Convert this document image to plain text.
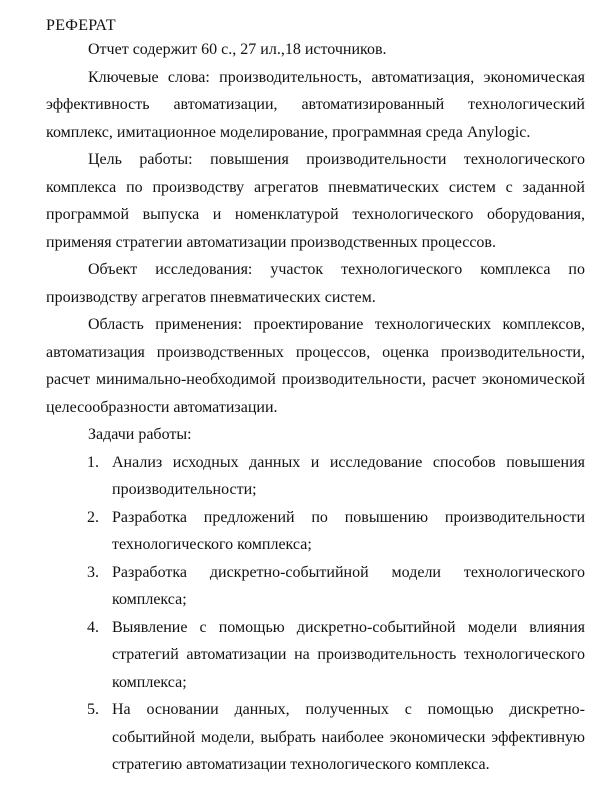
РЕФЕРАТ

Отчет содержит 60 с., 27 ил.,18 источников.

Ключевые слова: производительность, автоматизация, экономическая эффективность автоматизации, автоматизированный технологический комплекс, имитационное моделирование, программная среда Anylogic.

Цель работы: повышения производительности технологического комплекса по производству агрегатов пневматических систем с заданной программой выпуска и номенклатурой технологического оборудования, применяя стратегии автоматизации производственных процессов.

Объект исследования: участок технологического комплекса по производству агрегатов пневматических систем.

Область применения: проектирование технологических комплексов, автоматизация производственных процессов, оценка производительности, расчет минимально-необходимой производительности, расчет экономической целесообразности автоматизации.

Задачи работы:

1. Анализ исходных данных и исследование способов повышения производительности;
2. Разработка предложений по повышению производительности технологического комплекса;
3. Разработка дискретно-событийной модели технологического комплекса;
4. Выявление с помощью дискретно-событийной модели влияния стратегий автоматизации на производительность технологического комплекса;
5. На основании данных, полученных с помощью дискретно-событийной модели, выбрать наиболее экономически эффективную стратегию автоматизации технологического комплекса.
